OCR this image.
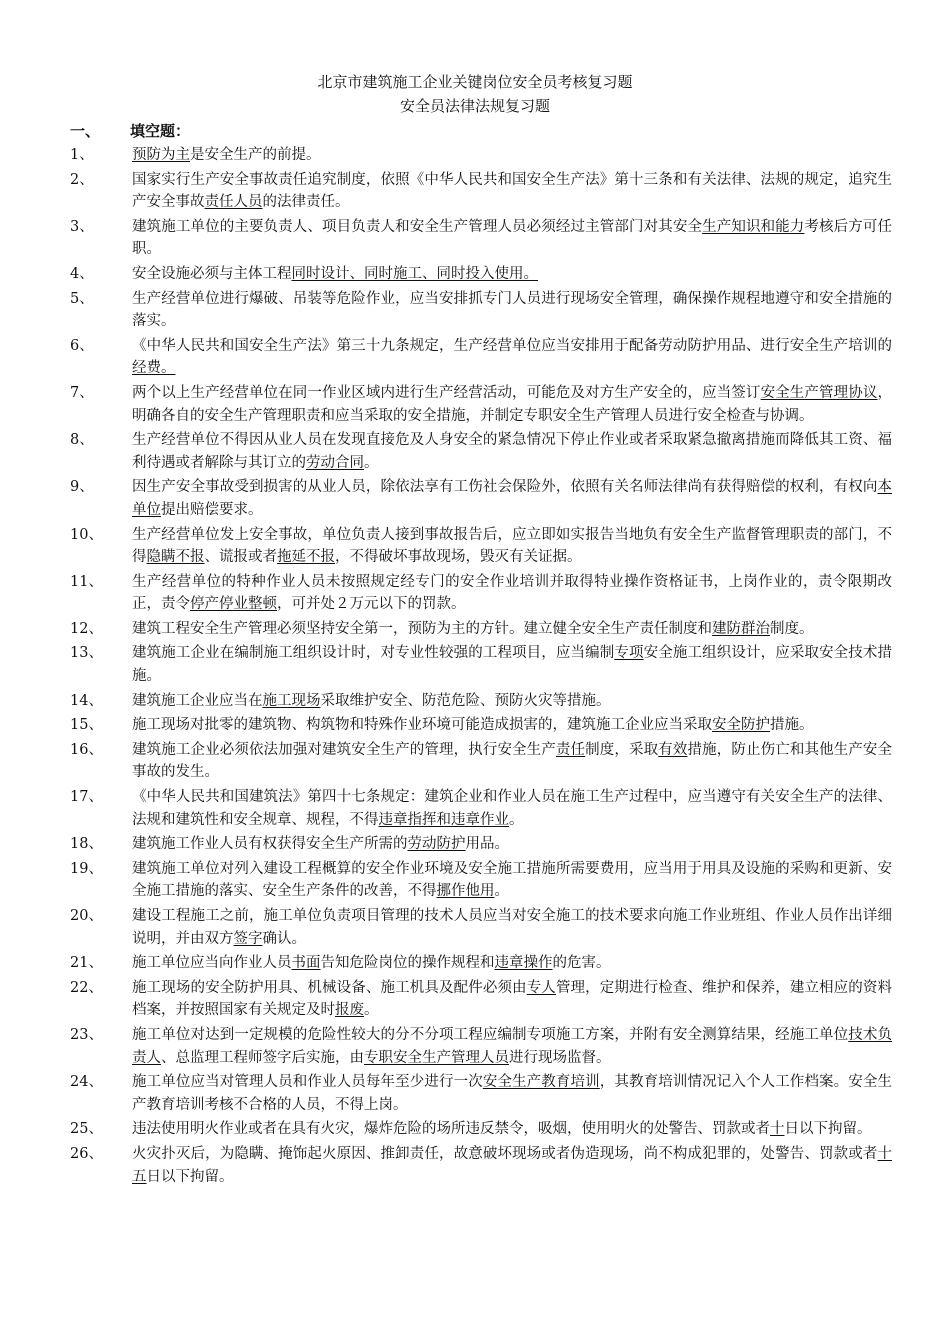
北京市建筑施工企业关键岗位安全员考核复习题
安全员法律法规复习题
一、	填空题：
1、	预防为主是安全生产的前提。
2、	国家实行生产安全事故责任追究制度，依照《中华人民共和国安全生产法》第十三条和有关法律、法规的规定，追究生产安全事故责任人员的法律责任。
3、	建筑施工单位的主要负责人、项目负责人和安全生产管理人员必须经过主管部门对其安全生产知识和能力考核后方可任职。
4、	安全设施必须与主体工程同时设计、同时施工、同时投入使用。
5、	生产经营单位进行爆破、吊装等危险作业，应当安排抓专门人员进行现场安全管理，确保操作规程地遵守和安全措施的落实。
6、	《中华人民共和国安全生产法》第三十九条规定，生产经营单位应当安排用于配备劳动防护用品、进行安全生产培训的经费。
7、	两个以上生产经营单位在同一作业区域内进行生产经营活动，可能危及对方生产安全的，应当签订安全生产管理协议，明确各自的安全生产管理职责和应当采取的安全措施，并制定专职安全生产管理人员进行安全检查与协调。
8、	生产经营单位不得因从业人员在发现直接危及人身安全的紧急情况下停止作业或者采取紧急撤离措施而降低其工资、福利待遇或者解除与其订立的劳动合同。
9、	因生产安全事故受到损害的从业人员，除依法享有工伤社会保险外，依照有关名师法律尚有获得赔偿的权利，有权向本单位提出赔偿要求。
10、	生产经营单位发上安全事故，单位负责人接到事故报告后，应立即如实报告当地负有安全生产监督管理职责的部门，不得隐瞒不报、谎报或者拖延不报，不得破坏事故现场，毁灭有关证据。
11、	生产经营单位的特种作业人员未按照规定经专门的安全作业培训并取得特业操作资格证书，上岗作业的，责令限期改正，责令停产停业整顿，可并处２万元以下的罚款。
12、	建筑工程安全生产管理必须坚持安全第一，预防为主的方针。建立健全安全生产责任制度和建防群治制度。
13、	建筑施工企业在编制施工组织设计时，对专业性较强的工程项目，应当编制专项安全施工组织设计，应采取安全技术措施。
14、	建筑施工企业应当在施工现场采取维护安全、防范危险、预防火灾等措施。
15、	施工现场对批零的建筑物、构筑物和特殊作业环境可能造成损害的，建筑施工企业应当采取安全防护措施。
16、	建筑施工企业必须依法加强对建筑安全生产的管理，执行安全生产责任制度，采取有效措施，防止伤亡和其他生产安全事故的发生。
17、	《中华人民共和国建筑法》第四十七条规定：建筑企业和作业人员在施工生产过程中，应当遵守有关安全生产的法律、法规和建筑性和安全规章、规程，不得违章指挥和违章作业。
18、	建筑施工作业人员有权获得安全生产所需的劳动防护用品。
19、	建筑施工单位对列入建设工程概算的安全作业环境及安全施工措施所需要费用，应当用于用具及设施的采购和更新、安全施工措施的落实、安全生产条件的改善，不得挪作他用。
20、	建设工程施工之前，施工单位负责项目管理的技术人员应当对安全施工的技术要求向施工作业班组、作业人员作出详细说明，并由双方签字确认。
21、	施工单位应当向作业人员书面告知危险岗位的操作规程和违章操作的危害。
22、	施工现场的安全防护用具、机械设备、施工机具及配件必须由专人管理，定期进行检查、维护和保养，建立相应的资料档案，并按照国家有关规定及时报废。
23、	施工单位对达到一定规模的危险性较大的分不分项工程应编制专项施工方案，并附有安全测算结果，经施工单位技术负责人、总监理工程师签字后实施，由专职安全生产管理人员进行现场监督。
24、	施工单位应当对管理人员和作业人员每年至少进行一次安全生产教育培训，其教育培训情况记入个人工作档案。安全生产教育培训考核不合格的人员，不得上岗。
25、	违法使用明火作业或者在具有火灾，爆炸危险的场所违反禁令，吸烟，使用明火的处警告、罚款或者十日以下拘留。
26、	火灾扑灭后，为隐瞒、掩饰起火原因、推卸责任，故意破坏现场或者伪造现场，尚不构成犯罪的，处警告、罚款或者十五日以下拘留。
